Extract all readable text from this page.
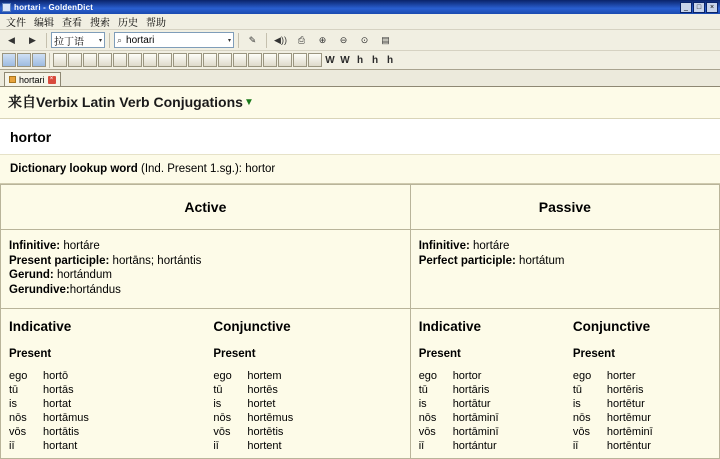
hortari - GoldenDict	_	□	×
文件 编辑 查看 搜索 历史 帮助
◀	▶	拉丁语 ▾ ⌕
hortari	▾	✎	◀))	⎙	⊕	⊖	⊙	▤
W W h h h
hortari ×
来自 Verbix Latin Verb Conjugations ▼
hortor
Dictionary lookup word (Ind. Present 1.sg.): hortor
Active	Passive

Infinitive: hortáre
Present participle: hortāns; hortántis
Gerund: hortándum
Gerundive:hortándus

Infinitive: hortáre
Perfect participle: hortátum

Indicative
Present
ego	hortō
tū	hortās
is	hortat
nōs	hortāmus
vōs	hortātis
iī	hortant
Conjunctive
Present
ego	hortem
tū	hortēs
is	hortet
nōs	hortēmus
vōs	hortētis
iī	hortent

Indicative
Present
ego	hortor
tū	hortāris
is	hortātur
nōs	hortāminī
vōs	hortāminī
iī	hortántur
Conjunctive
Present
ego	horter
tū	hortēris
is	hortētur
nōs	hortēmur
vōs	hortēminī
iī	hortēntur
